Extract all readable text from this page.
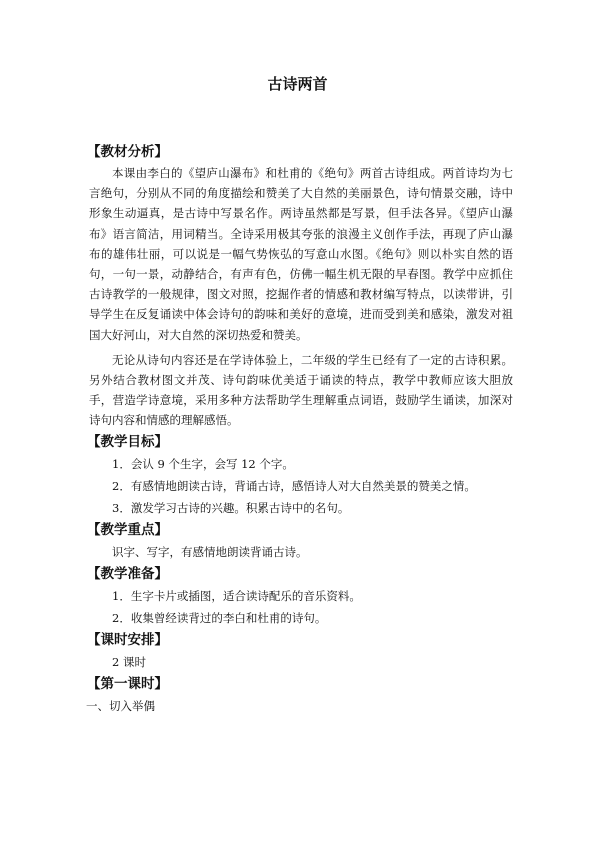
古诗两首
【教材分析】
本课由李白的《望庐山瀑布》和杜甫的《绝句》两首古诗组成。两首诗均为七言绝句，分别从不同的角度描绘和赞美了大自然的美丽景色，诗句情景交融，诗中形象生动逼真，是古诗中写景名作。两诗虽然都是写景，但手法各异。《望庐山瀑布》语言简洁，用词精当。全诗采用极其夸张的浪漫主义创作手法，再现了庐山瀑布的雄伟壮丽，可以说是一幅气势恢弘的写意山水图。《绝句》则以朴实自然的语句，一句一景，动静结合，有声有色，仿佛一幅生机无限的早春图。教学中应抓住古诗教学的一般规律，图文对照，挖掘作者的情感和教材编写特点，以读带讲，引导学生在反复诵读中体会诗句的韵味和美好的意境，进而受到美和感染，激发对祖国大好河山，对大自然的深切热爱和赞美。
无论从诗句内容还是在学诗体验上，二年级的学生已经有了一定的古诗积累。另外结合教材图文并茂、诗句韵味优美适于诵读的特点，教学中教师应该大胆放手，营造学诗意境，采用多种方法帮助学生理解重点词语，鼓励学生诵读，加深对诗句内容和情感的理解感悟。
【教学目标】
1．会认 9 个生字，会写 12 个字。
2．有感情地朗读古诗，背诵古诗，感悟诗人对大自然美景的赞美之情。
3．激发学习古诗的兴趣。积累古诗中的名句。
【教学重点】
识字、写字，有感情地朗读背诵古诗。
【教学准备】
1．生字卡片或插图，适合读诗配乐的音乐资料。
2．收集曾经读背过的李白和杜甫的诗句。
【课时安排】
2 课时
【第一课时】
一、切入举偶
